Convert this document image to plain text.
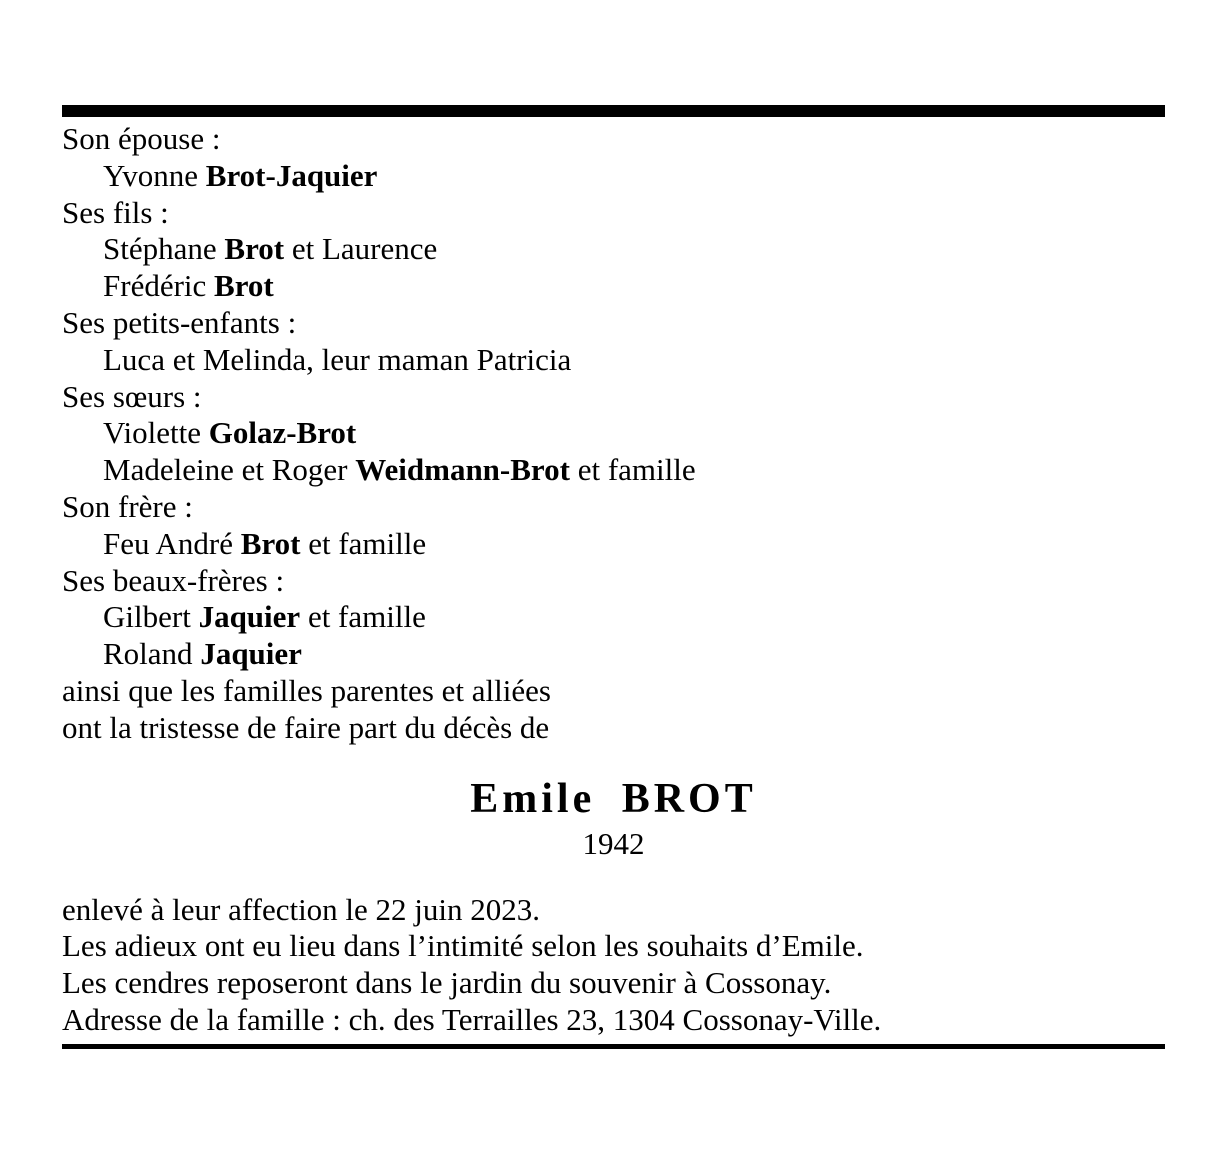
Son épouse :
Yvonne Brot-Jaquier
Ses fils :
Stéphane Brot et Laurence
Frédéric Brot
Ses petits-enfants :
Luca et Melinda, leur maman Patricia
Ses sœurs :
Violette Golaz-Brot
Madeleine et Roger Weidmann-Brot et famille
Son frère :
Feu André Brot et famille
Ses beaux-frères :
Gilbert Jaquier et famille
Roland Jaquier
ainsi que les familles parentes et alliées
ont la tristesse de faire part du décès de
Emile BROT
1942
enlevé à leur affection le 22 juin 2023.
Les adieux ont eu lieu dans l’intimité selon les souhaits d’Emile.
Les cendres reposeront dans le jardin du souvenir à Cossonay.
Adresse de la famille : ch. des Terrailles 23, 1304 Cossonay-Ville.
